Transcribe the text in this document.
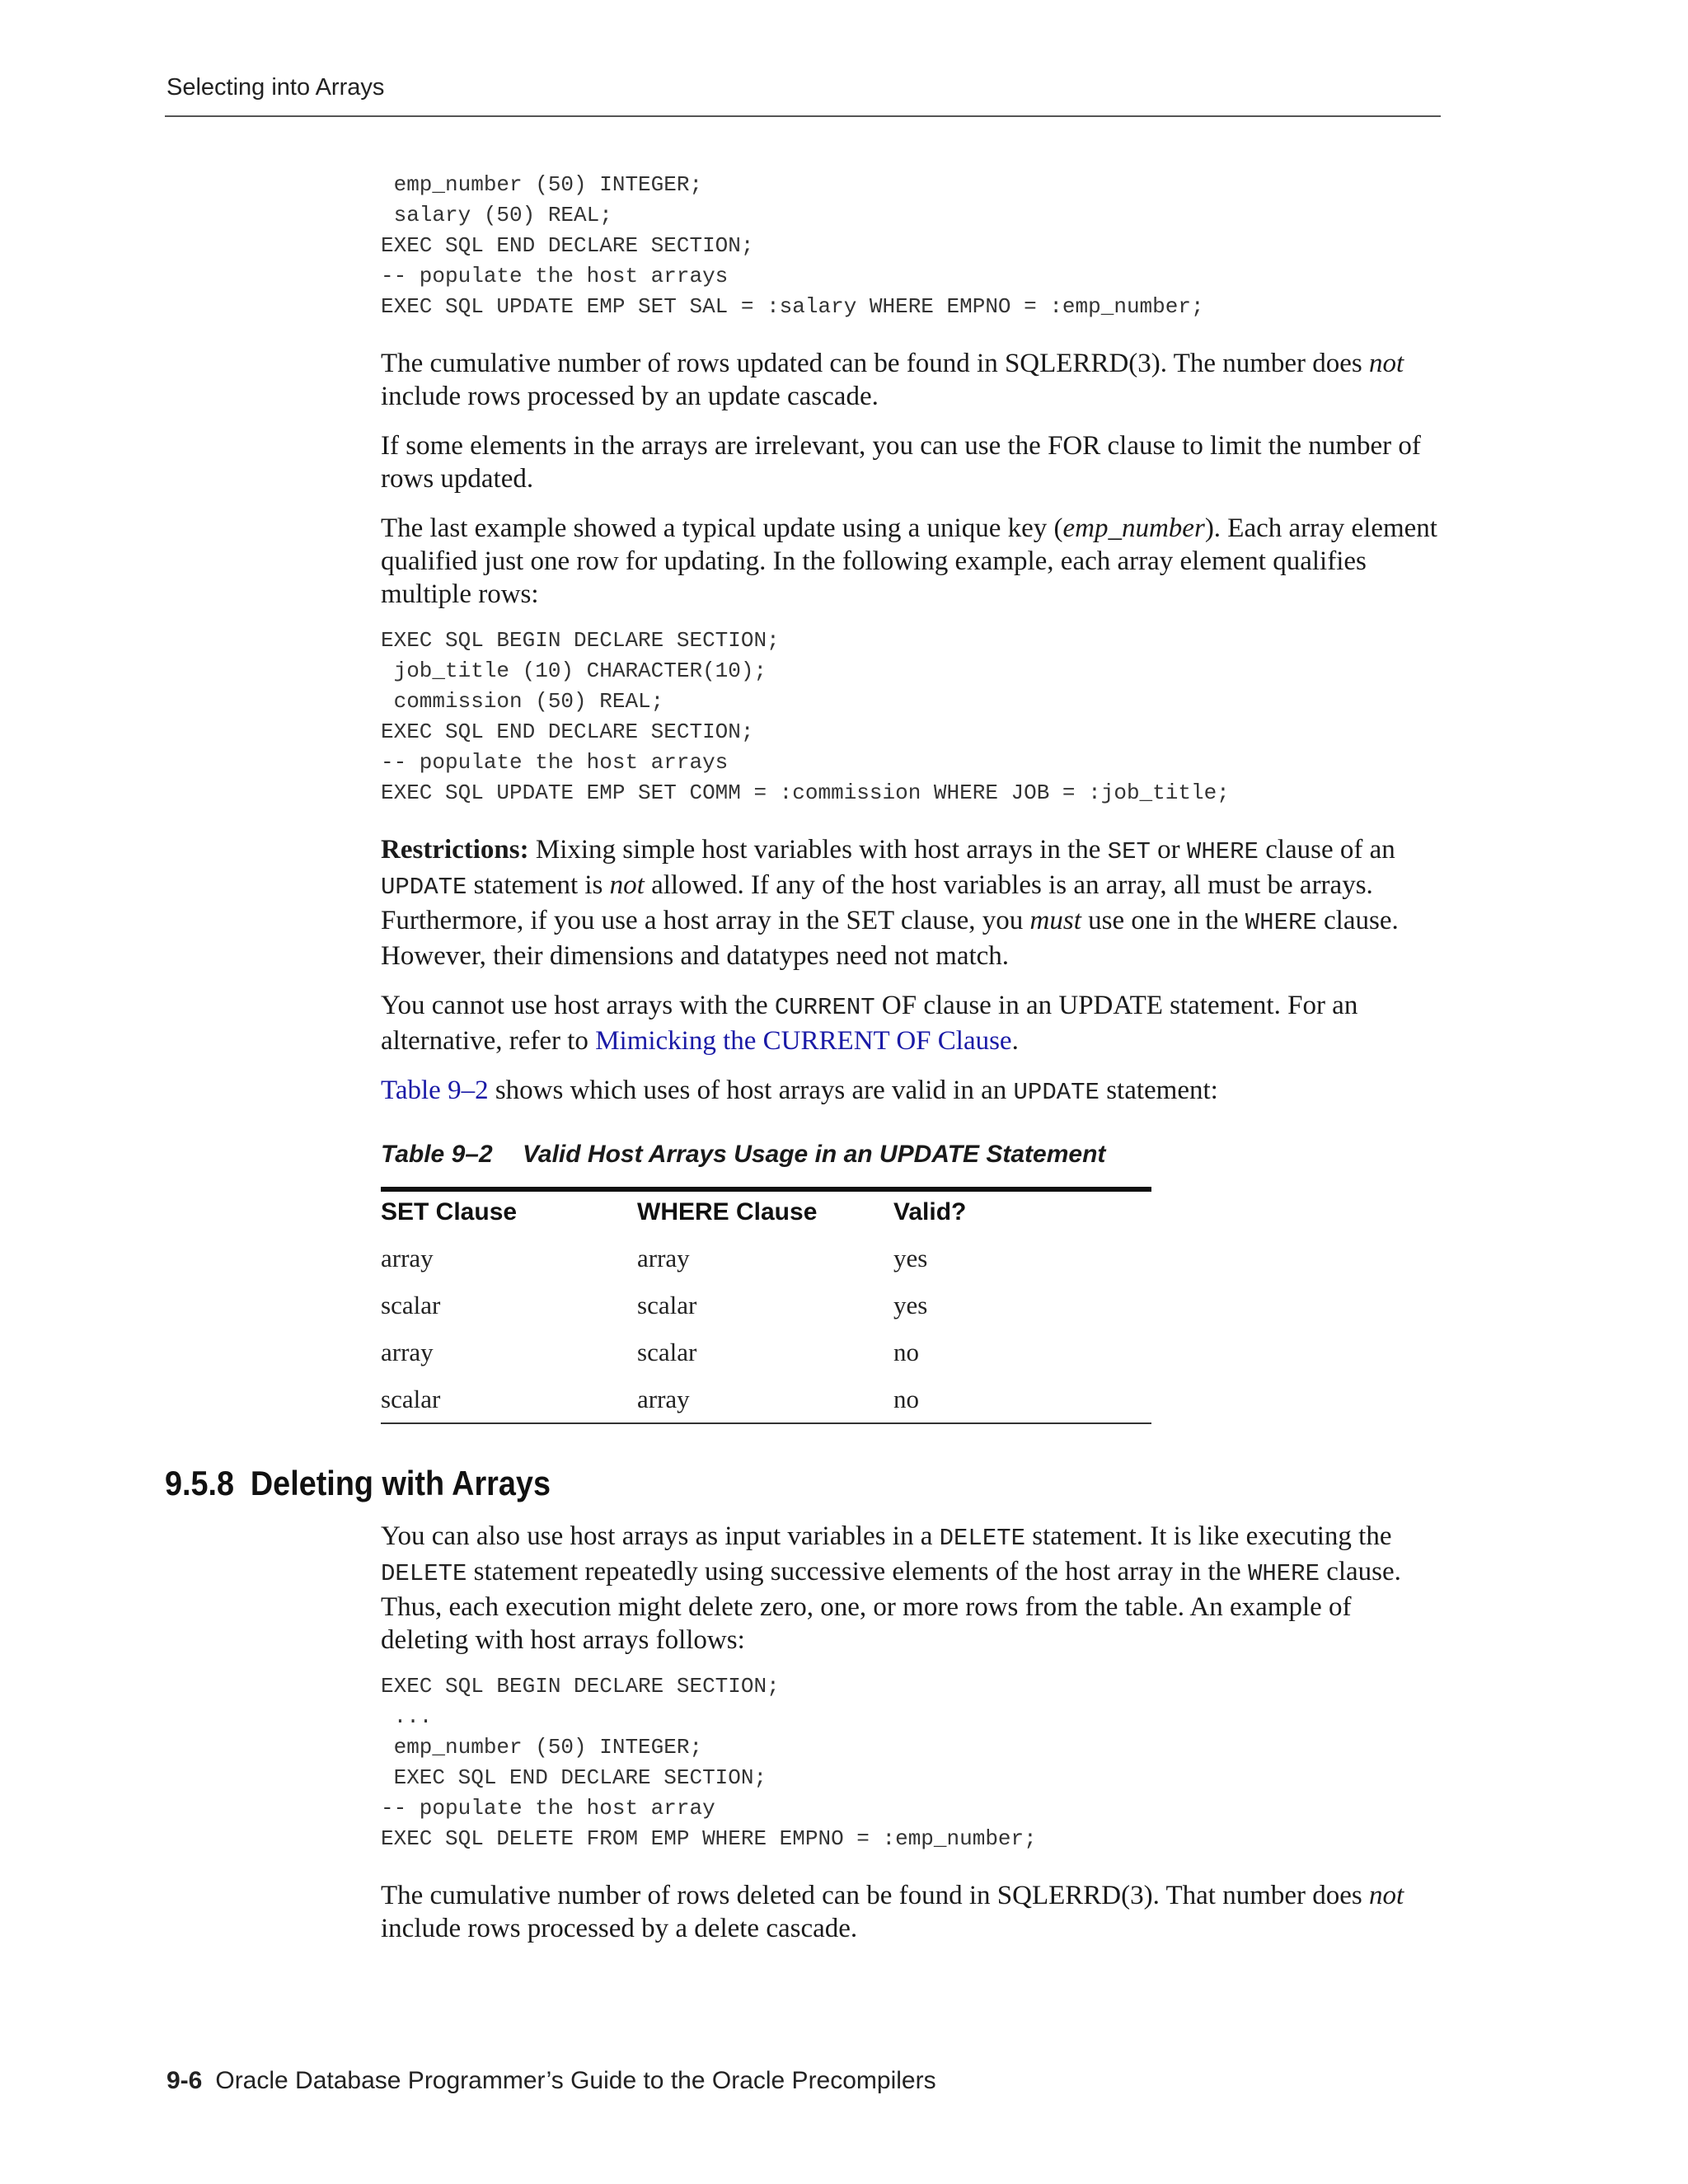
Selecting into Arrays
emp_number (50) INTEGER;
salary (50) REAL;
EXEC SQL END DECLARE SECTION;
-- populate the host arrays
EXEC SQL UPDATE EMP SET SAL = :salary WHERE EMPNO = :emp_number;

The cumulative number of rows updated can be found in SQLERRD(3). The number does not include rows processed by an update cascade.

If some elements in the arrays are irrelevant, you can use the FOR clause to limit the number of rows updated.

The last example showed a typical update using a unique key (emp_number). Each array element qualified just one row for updating. In the following example, each array element qualifies multiple rows:

EXEC SQL BEGIN DECLARE SECTION;
job_title (10) CHARACTER(10);
commission (50) REAL;
EXEC SQL END DECLARE SECTION;
-- populate the host arrays
EXEC SQL UPDATE EMP SET COMM = :commission WHERE JOB = :job_title;

Restrictions: Mixing simple host variables with host arrays in the SET or WHERE clause of an UPDATE statement is not allowed. If any of the host variables is an array, all must be arrays. Furthermore, if you use a host array in the SET clause, you must use one in the WHERE clause. However, their dimensions and datatypes need not match.

You cannot use host arrays with the CURRENT OF clause in an UPDATE statement. For an alternative, refer to Mimicking the CURRENT OF Clause.

Table 9–2 shows which uses of host arrays are valid in an UPDATE statement:

Table 9–2 Valid Host Arrays Usage in an UPDATE Statement
SET Clause	WHERE Clause	Valid?
array	array	yes
scalar	scalar	yes
array	scalar	no
scalar	array	no
9.5.8 Deleting with Arrays

You can also use host arrays as input variables in a DELETE statement. It is like executing the DELETE statement repeatedly using successive elements of the host array in the WHERE clause. Thus, each execution might delete zero, one, or more rows from the table. An example of deleting with host arrays follows:

EXEC SQL BEGIN DECLARE SECTION;
...
emp_number (50) INTEGER;
EXEC SQL END DECLARE SECTION;
-- populate the host array
EXEC SQL DELETE FROM EMP WHERE EMPNO = :emp_number;

The cumulative number of rows deleted can be found in SQLERRD(3). That number does not include rows processed by a delete cascade.

9-6 Oracle Database Programmer’s Guide to the Oracle Precompilers
